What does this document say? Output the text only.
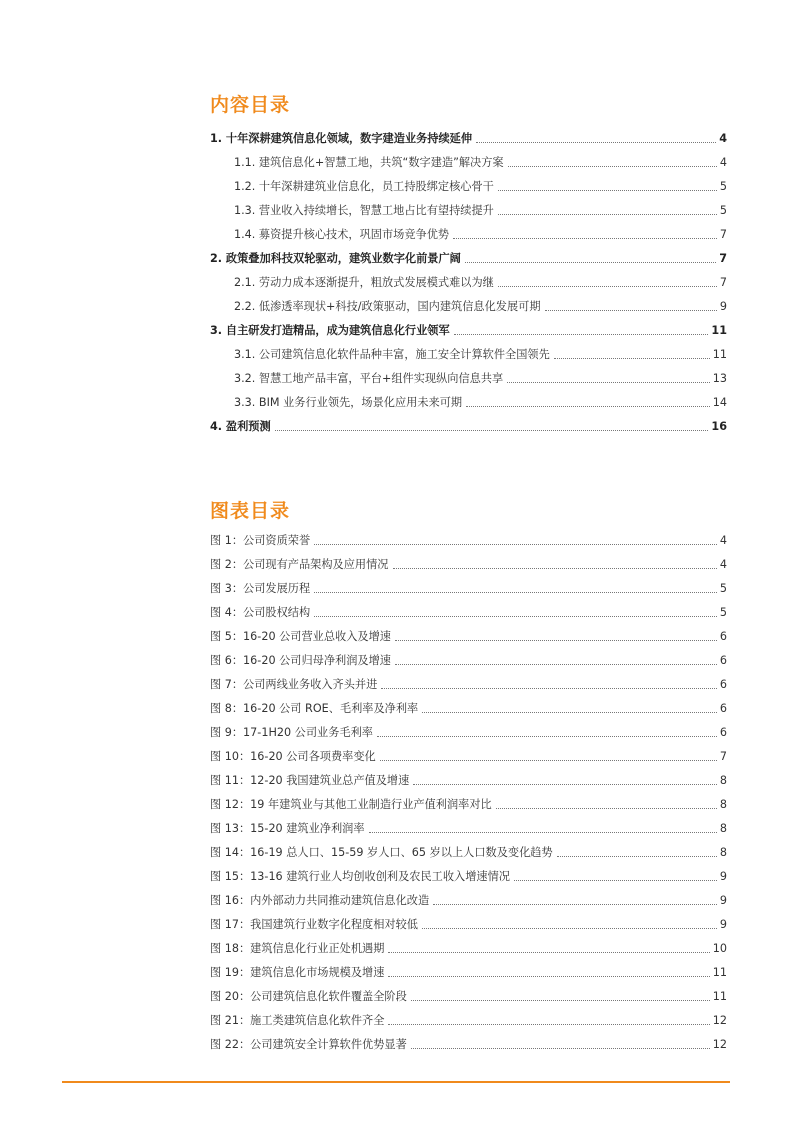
内容目录
1. 十年深耕建筑信息化领域，数字建造业务持续延伸	4
1.1. 建筑信息化+智慧工地，共筑“数字建造”解决方案	4
1.2. 十年深耕建筑业信息化，员工持股绑定核心骨干	5
1.3. 营业收入持续增长，智慧工地占比有望持续提升	5
1.4. 募资提升核心技术，巩固市场竞争优势	7
2. 政策叠加科技双轮驱动，建筑业数字化前景广阔	7
2.1. 劳动力成本逐渐提升，粗放式发展模式难以为继	7
2.2. 低渗透率现状+科技/政策驱动，国内建筑信息化发展可期	9
3. 自主研发打造精品，成为建筑信息化行业领军	11
3.1. 公司建筑信息化软件品种丰富，施工安全计算软件全国领先	11
3.2. 智慧工地产品丰富，平台+组件实现纵向信息共享	13
3.3. BIM 业务行业领先，场景化应用未来可期	14
4. 盈利预测	16
图表目录
图 1：公司资质荣誉	4
图 2：公司现有产品架构及应用情况	4
图 3：公司发展历程	5
图 4：公司股权结构	5
图 5：16-20 公司营业总收入及增速	6
图 6：16-20 公司归母净利润及增速	6
图 7：公司两线业务收入齐头并进	6
图 8：16-20 公司 ROE、毛利率及净利率	6
图 9：17-1H20 公司业务毛利率	6
图 10：16-20 公司各项费率变化	7
图 11：12-20 我国建筑业总产值及增速	8
图 12：19 年建筑业与其他工业制造行业产值利润率对比	8
图 13：15-20 建筑业净利润率	8
图 14：16-19 总人口、15-59 岁人口、65 岁以上人口数及变化趋势	8
图 15：13-16 建筑行业人均创收创利及农民工收入增速情况	9
图 16：内外部动力共同推动建筑信息化改造	9
图 17：我国建筑行业数字化程度相对较低	9
图 18：建筑信息化行业正处机遇期	10
图 19：建筑信息化市场规模及增速	11
图 20：公司建筑信息化软件覆盖全阶段	11
图 21：施工类建筑信息化软件齐全	12
图 22：公司建筑安全计算软件优势显著	12
